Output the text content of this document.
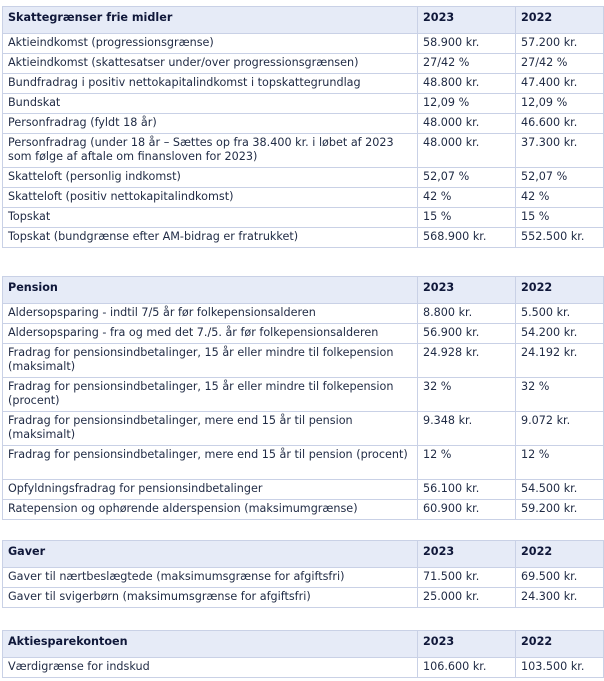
Skattegrænser frie midler	2023	2022
Aktieindkomst (progressionsgrænse)	58.900 kr.	57.200 kr.
Aktieindkomst (skattesatser under/over progressionsgrænsen)	27/42 %	27/42 %
Bundfradrag i positiv nettokapitalindkomst i topskattegrundlag	48.800 kr.	47.400 kr.
Bundskat	12,09 %	12,09 %
Personfradrag (fyldt 18 år)	48.000 kr.	46.600 kr.
Personfradrag (under 18 år – Sættes op fra 38.400 kr. i løbet af 2023 som følge af aftale om finansloven for 2023)	48.000 kr.	37.300 kr.
Skatteloft (personlig indkomst)	52,07 %	52,07 %
Skatteloft (positiv nettokapitalindkomst)	42 %	42 %
Topskat	15 %	15 %
Topskat (bundgrænse efter AM-bidrag er fratrukket)	568.900 kr.	552.500 kr.
Pension	2023	2022
Aldersopsparing - indtil 7/5 år før folkepensionsalderen	8.800 kr.	5.500 kr.
Aldersopsparing - fra og med det 7./5. år før folkepensionsalderen	56.900 kr.	54.200 kr.
Fradrag for pensionsindbetalinger, 15 år eller mindre til folkepension (maksimalt)	24.928 kr.	24.192 kr.
Fradrag for pensionsindbetalinger, 15 år eller mindre til folkepension (procent)	32 %	32 %
Fradrag for pensionsindbetalinger, mere end 15 år til pension (maksimalt)	9.348 kr.	9.072 kr.
Fradrag for pensionsindbetalinger, mere end 15 år til pension (procent)	12 %	12 %
Opfyldningsfradrag for pensionsindbetalinger	56.100 kr.	54.500 kr.
Ratepension og ophørende alderspension (maksimumgrænse)	60.900 kr.	59.200 kr.
Gaver	2023	2022
Gaver til nærtbeslægtede (maksimumsgrænse for afgiftsfri)	71.500 kr.	69.500 kr.
Gaver til svigerbørn (maksimumsgrænse for afgiftsfri)	25.000 kr.	24.300 kr.
Aktiesparekontoen	2023	2022
Værdigrænse for indskud	106.600 kr.	103.500 kr.
